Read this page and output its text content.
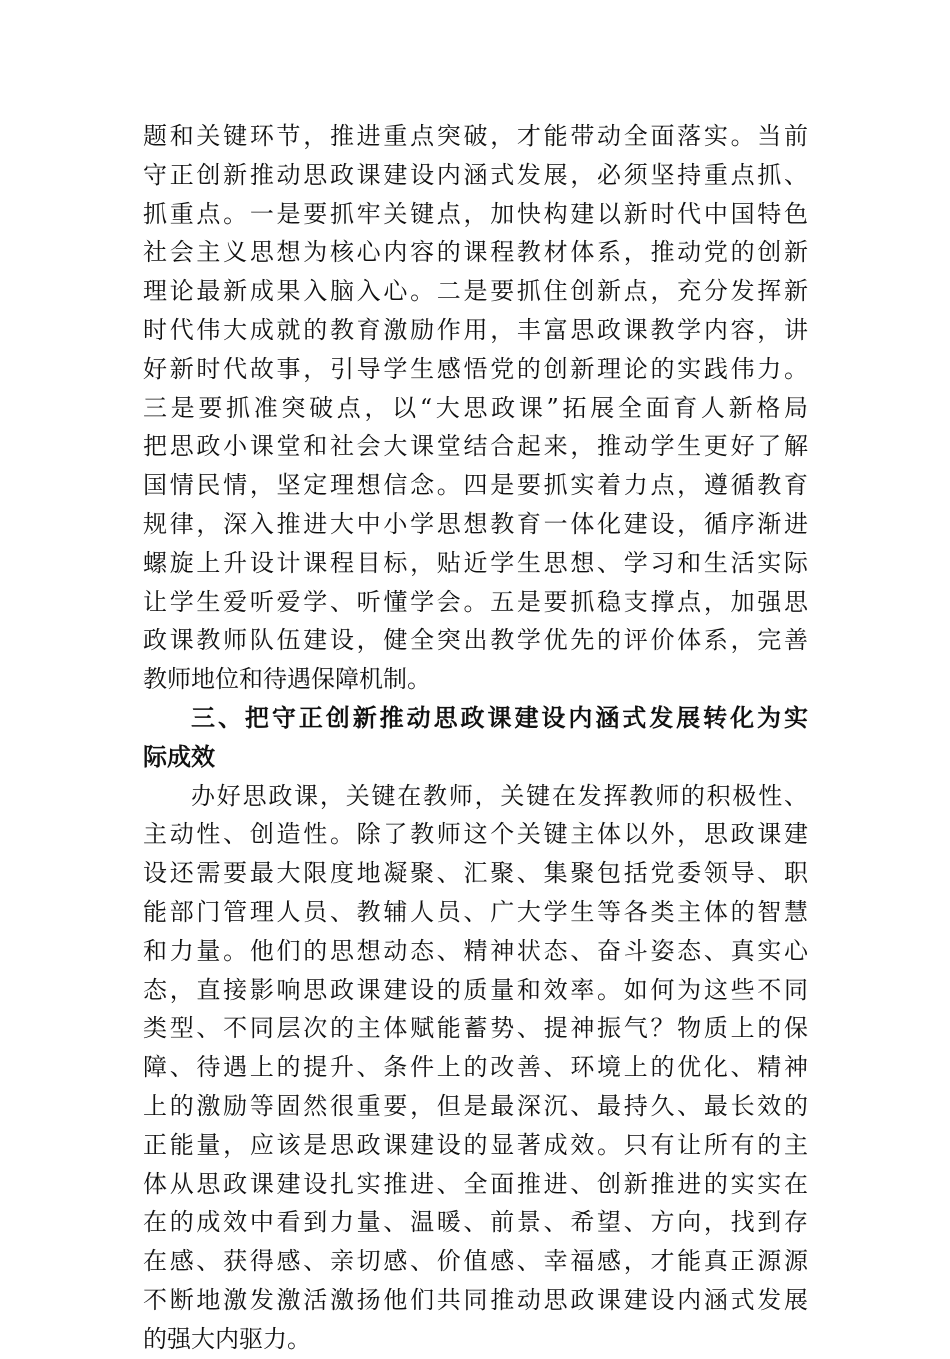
题和关键环节，推进重点突破，才能带动全面落实。当前
守正创新推动思政课建设内涵式发展，必须坚持重点抓、
抓重点。一是要抓牢关键点，加快构建以新时代中国特色
社会主义思想为核心内容的课程教材体系，推动党的创新
理论最新成果入脑入心。二是要抓住创新点，充分发挥新
时代伟大成就的教育激励作用，丰富思政课教学内容，讲
好新时代故事，引导学生感悟党的创新理论的实践伟力。
三是要抓准突破点，以“大思政课”拓展全面育人新格局
把思政小课堂和社会大课堂结合起来，推动学生更好了解
国情民情，坚定理想信念。四是要抓实着力点，遵循教育
规律，深入推进大中小学思想教育一体化建设，循序渐进
螺旋上升设计课程目标，贴近学生思想、学习和生活实际
让学生爱听爱学、听懂学会。五是要抓稳支撑点，加强思
政课教师队伍建设，健全突出教学优先的评价体系，完善
教师地位和待遇保障机制。
三、把守正创新推动思政课建设内涵式发展转化为实
际成效
办好思政课，关键在教师，关键在发挥教师的积极性、
主动性、创造性。除了教师这个关键主体以外，思政课建
设还需要最大限度地凝聚、汇聚、集聚包括党委领导、职
能部门管理人员、教辅人员、广大学生等各类主体的智慧
和力量。他们的思想动态、精神状态、奋斗姿态、真实心
态，直接影响思政课建设的质量和效率。如何为这些不同
类型、不同层次的主体赋能蓄势、提神振气？物质上的保
障、待遇上的提升、条件上的改善、环境上的优化、精神
上的激励等固然很重要，但是最深沉、最持久、最长效的
正能量，应该是思政课建设的显著成效。只有让所有的主
体从思政课建设扎实推进、全面推进、创新推进的实实在
在的成效中看到力量、温暖、前景、希望、方向，找到存
在感、获得感、亲切感、价值感、幸福感，才能真正源源
不断地激发激活激扬他们共同推动思政课建设内涵式发展
的强大内驱力。
